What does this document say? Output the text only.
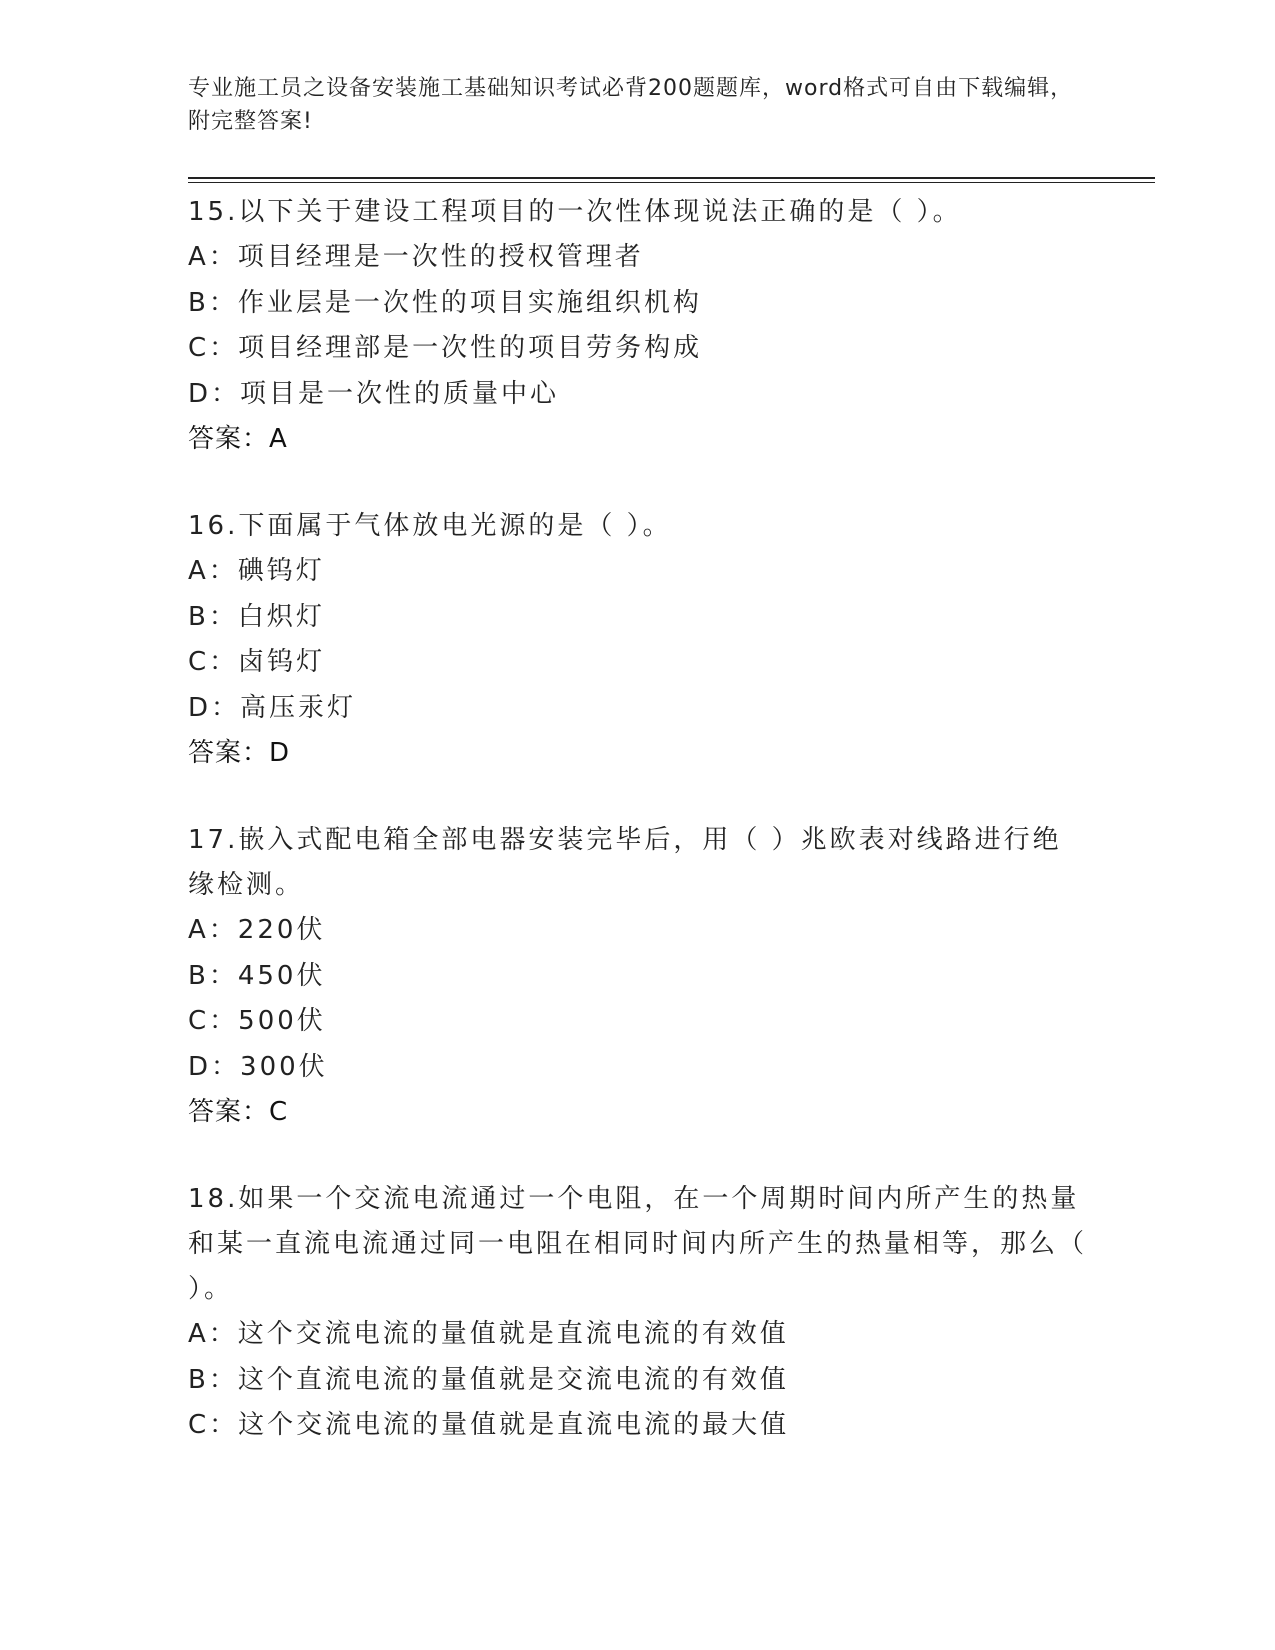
专业施工员之设备安装施工基础知识考试必背200题题库，word格式可自由下载编辑，附完整答案!
15.以下关于建设工程项目的一次性体现说法正确的是（ ）。
A：项目经理是一次性的授权管理者
B：作业层是一次性的项目实施组织机构
C：项目经理部是一次性的项目劳务构成
D：项目是一次性的质量中心
答案：A
16.下面属于气体放电光源的是（ ）。
A：碘钨灯
B：白炽灯
C：卤钨灯
D：高压汞灯
答案：D
17.嵌入式配电箱全部电器安装完毕后，用（ ）兆欧表对线路进行绝缘检测。
A：220伏
B：450伏
C：500伏
D：300伏
答案：C
18.如果一个交流电流通过一个电阻，在一个周期时间内所产生的热量和某一直流电流通过同一电阻在相同时间内所产生的热量相等，那么（ ）。
A：这个交流电流的量值就是直流电流的有效值
B：这个直流电流的量值就是交流电流的有效值
C：这个交流电流的量值就是直流电流的最大值
